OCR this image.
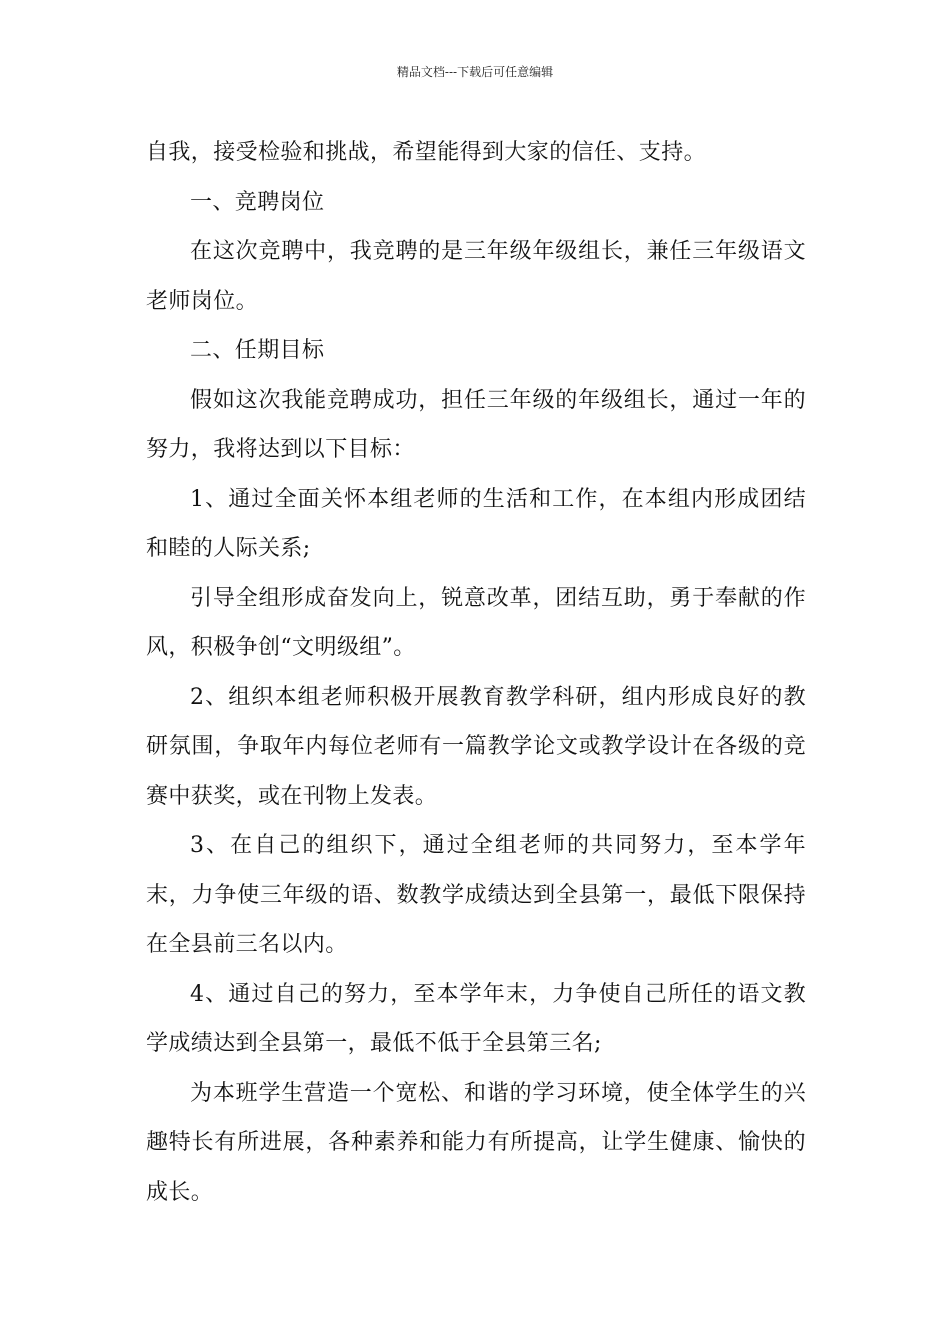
精品文档---下载后可任意编辑

自我，接受检验和挑战，希望能得到大家的信任、支持。

一、竞聘岗位

在这次竞聘中，我竞聘的是三年级年级组长，兼任三年级语文老师岗位。

二、任期目标

假如这次我能竞聘成功，担任三年级的年级组长，通过一年的努力，我将达到以下目标：

1、通过全面关怀本组老师的生活和工作，在本组内形成团结和睦的人际关系;

引导全组形成奋发向上，锐意改革，团结互助，勇于奉献的作风，积极争创“文明级组”。

2、组织本组老师积极开展教育教学科研，组内形成良好的教研氛围，争取年内每位老师有一篇教学论文或教学设计在各级的竞赛中获奖，或在刊物上发表。

3、在自己的组织下，通过全组老师的共同努力，至本学年末，力争使三年级的语、数教学成绩达到全县第一，最低下限保持在全县前三名以内。

4、通过自己的努力，至本学年末，力争使自己所任的语文教学成绩达到全县第一，最低不低于全县第三名;

为本班学生营造一个宽松、和谐的学习环境，使全体学生的兴趣特长有所进展，各种素养和能力有所提高，让学生健康、愉快的成长。
